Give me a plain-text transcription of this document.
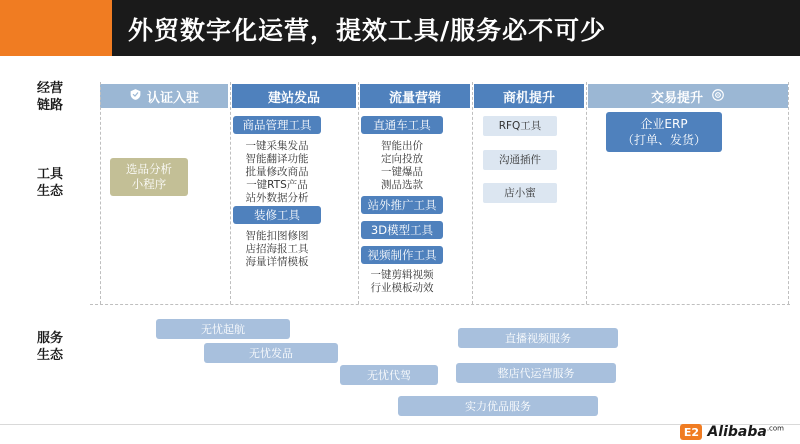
外贸数字化运营，提效工具/服务必不可少
经营
链路
工具
生态
服务
生态
认证入驻	建站发品	流量营销	商机提升	交易提升
选品分析
小程序
商品管理工具
一键采集发品
智能翻译功能
批量修改商品
一键RTS产品
站外数据分析
装修工具
智能扣图修图
店招海报工具
海量详情模板
直通车工具
智能出价
定向投放
一键爆品
测品选款
站外推广工具
3D模型工具
视频制作工具
一键剪辑视频
行业模板动效
RFQ工具
沟通插件
店小蜜
企业ERP
（打单、发货）
无忧起航
无忧发品
无忧代驾
直播视频服务
整店代运营服务
实力优品服务
E2 Alibaba$^{.com}$
